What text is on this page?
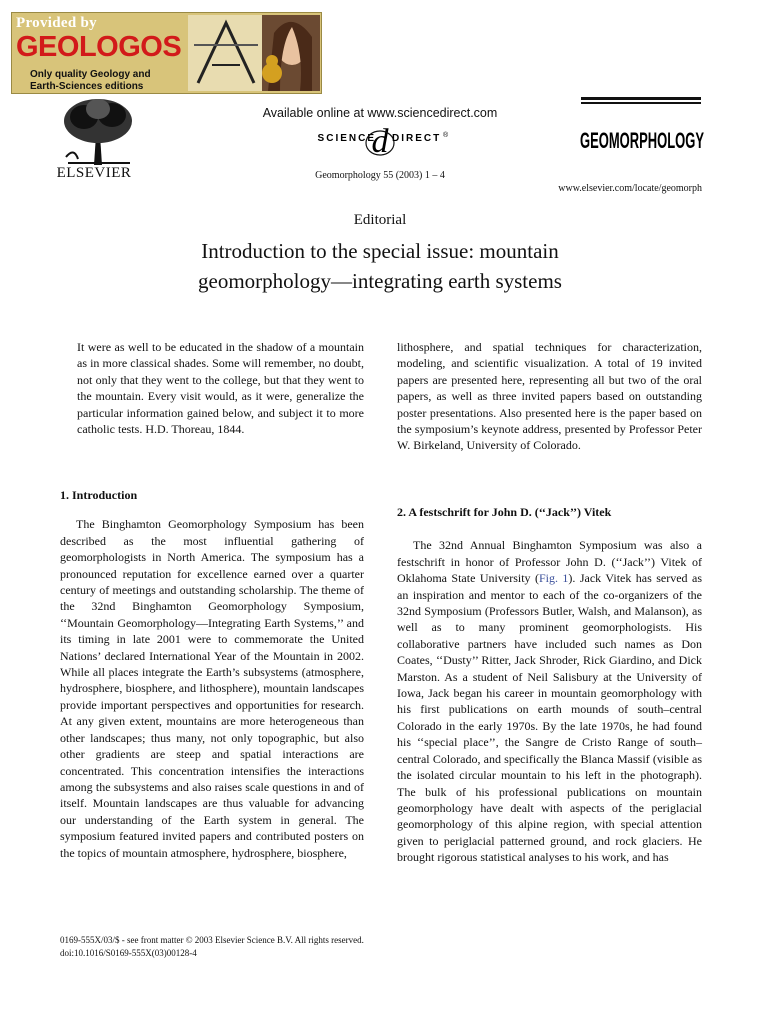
Provided by
GEOLOGOS
Only quality Geology and
Earth-Sciences editions
ELSEVIER
Available online at www.sciencedirect.com
SCIENCE
d DIRECT ®
Geomorphology 55 (2003) 1 – 4
GEOMORPHOLOGY
www.elsevier.com/locate/geomorph
Editorial
Introduction to the special issue: mountain
geomorphology—integrating earth systems

It were as well to be educated in the shadow of a mountain as in more classical shades. Some will remember, no doubt, not only that they went to the college, but that they went to the mountain. Every visit would, as it were, generalize the particular information gained below, and subject it to more catholic tests. H.D. Thoreau, 1844.

1. Introduction

The Binghamton Geomorphology Symposium has been described as the most influential gathering of geomorphologists in North America. The symposium has a pronounced reputation for excellence earned over a quarter century of meetings and outstanding scholarship. The theme of the 32nd Binghamton Geomorphology Symposium, ‘‘Mountain Geomorphology—Integrating Earth Systems,’’ and its timing in late 2001 were to commemorate the United Nations’ declared International Year of the Mountain in 2002. While all places integrate the Earth’s subsystems (atmosphere, hydrosphere, biosphere, and lithosphere), mountain landscapes provide important perspectives and opportunities for research. At any given extent, mountains are more heterogeneous than other landscapes; thus many, not only topographic, but also other gradients are steep and spatial interactions are concentrated. This concentration intensifies the interactions among the subsystems and also raises scale questions in and of itself. Mountain landscapes are thus valuable for advancing our understanding of the Earth system in general. The symposium featured invited papers and contributed posters on the topics of mountain atmosphere, hydrosphere, biosphere,

lithosphere, and spatial techniques for characterization, modeling, and scientific visualization. A total of 19 invited papers are presented here, representing all but two of the oral papers, as well as three invited papers based on outstanding poster presentations. Also presented here is the paper based on the symposium’s keynote address, presented by Professor Peter W. Birkeland, University of Colorado.

2. A festschrift for John D. (‘‘Jack’’) Vitek

The 32nd Annual Binghamton Symposium was also a festschrift in honor of Professor John D. (‘‘Jack’’) Vitek of Oklahoma State University (Fig. 1). Jack Vitek has served as an inspiration and mentor to each of the co-organizers of the 32nd Symposium (Professors Butler, Walsh, and Malanson), as well as to many prominent geomorphologists. His collaborative partners have included such names as Don Coates, ‘‘Dusty’’ Ritter, Jack Shroder, Rick Giardino, and Dick Marston. As a student of Neil Salisbury at the University of Iowa, Jack began his career in mountain geomorphology with his first publications on earth mounds of south–central Colorado in the early 1970s. By the late 1970s, he had found his ‘‘special place’’, the Sangre de Cristo Range of south–central Colorado, and specifically the Blanca Massif (visible as the isolated circular mountain to his left in the photograph). The bulk of his professional publications on mountain geomorphology have dealt with aspects of the periglacial geomorphology of this alpine region, with special attention given to periglacial patterned ground, and rock glaciers. He brought rigorous statistical analyses to his work, and has

0169-555X/03/$ - see front matter © 2003 Elsevier Science B.V. All rights reserved.
doi:10.1016/S0169-555X(03)00128-4
